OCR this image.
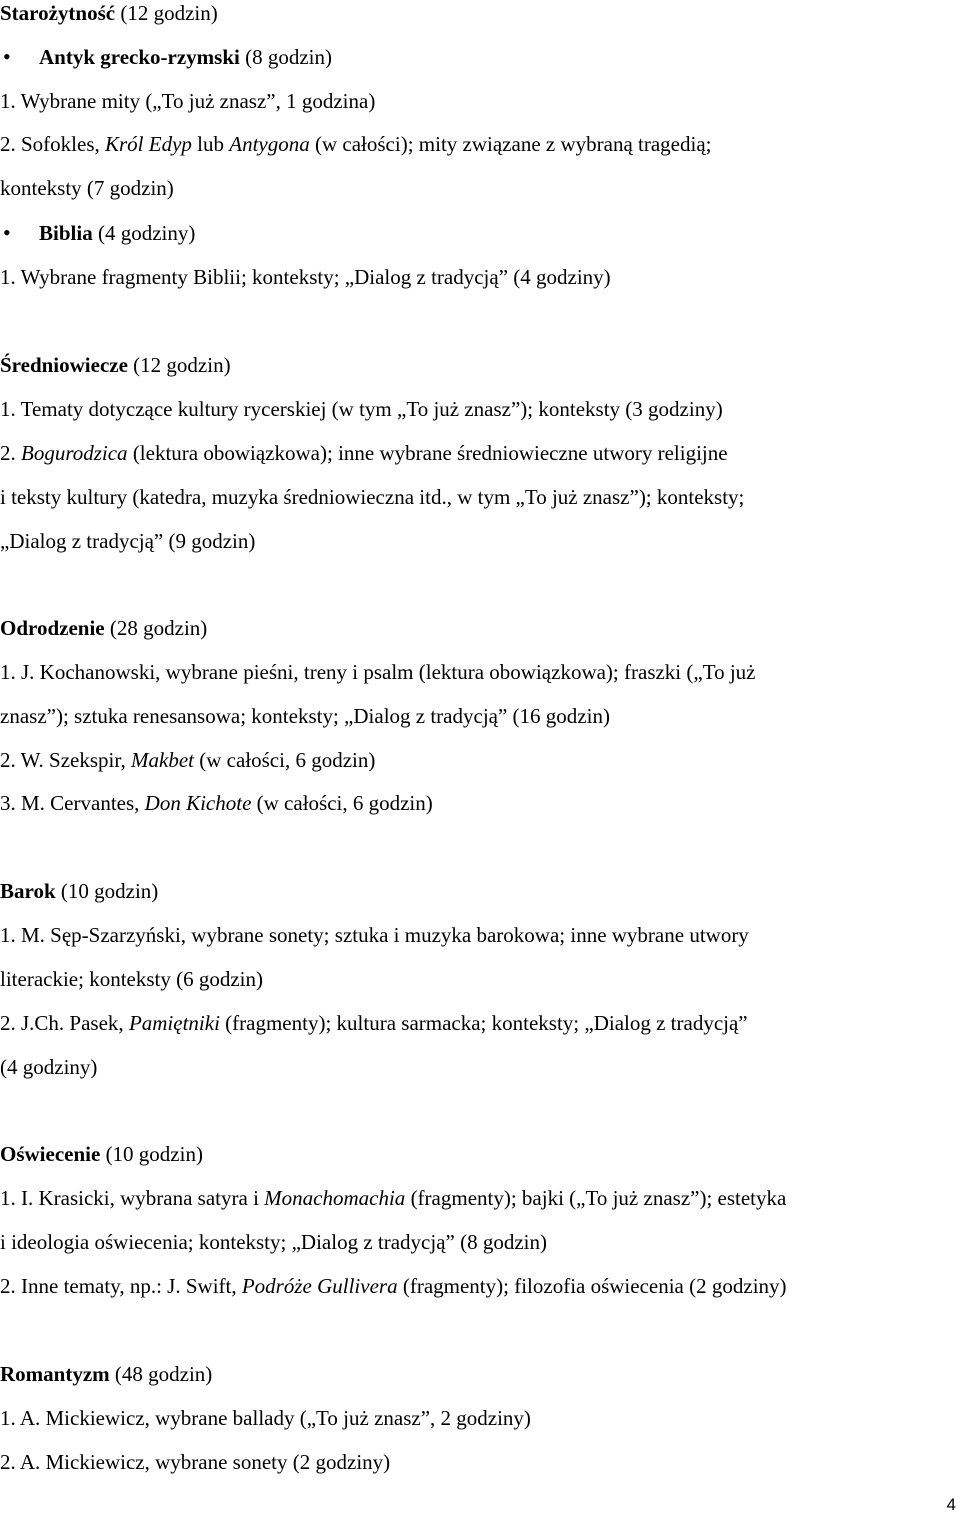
Starożytność (12 godzin)
• Antyk grecko-rzymski (8 godzin)
1. Wybrane mity („To już znasz”, 1 godzina)
2. Sofokles, Król Edyp lub Antygona (w całości); mity związane z wybraną tragedią;
konteksty (7 godzin)
• Biblia (4 godziny)
1. Wybrane fragmenty Biblii; konteksty; „Dialog z tradycją” (4 godziny)
Średniowiecze (12 godzin)
1. Tematy dotyczące kultury rycerskiej (w tym „To już znasz”); konteksty (3 godziny)
2. Bogurodzica (lektura obowiązkowa); inne wybrane średniowieczne utwory religijne
i teksty kultury (katedra, muzyka średniowieczna itd., w tym „To już znasz”); konteksty;
„Dialog z tradycją” (9 godzin)
Odrodzenie (28 godzin)
1. J. Kochanowski, wybrane pieśni, treny i psalm (lektura obowiązkowa); fraszki („To już
znasz”); sztuka renesansowa; konteksty; „Dialog z tradycją” (16 godzin)
2. W. Szekspir, Makbet (w całości, 6 godzin)
3. M. Cervantes, Don Kichote (w całości, 6 godzin)
Barok (10 godzin)
1. M. Sęp-Szarzyński, wybrane sonety; sztuka i muzyka barokowa; inne wybrane utwory
literackie; konteksty (6 godzin)
2. J.Ch. Pasek, Pamiętniki (fragmenty); kultura sarmacka; konteksty; „Dialog z tradycją”
(4 godziny)
Oświecenie (10 godzin)
1. I. Krasicki, wybrana satyra i Monachomachia (fragmenty); bajki („To już znasz”); estetyka
i ideologia oświecenia; konteksty; „Dialog z tradycją” (8 godzin)
2. Inne tematy, np.: J. Swift, Podróże Gullivera (fragmenty); filozofia oświecenia (2 godziny)
Romantyzm (48 godzin)
1. A. Mickiewicz, wybrane ballady („To już znasz”, 2 godziny)
2. A. Mickiewicz, wybrane sonety (2 godziny)
4
